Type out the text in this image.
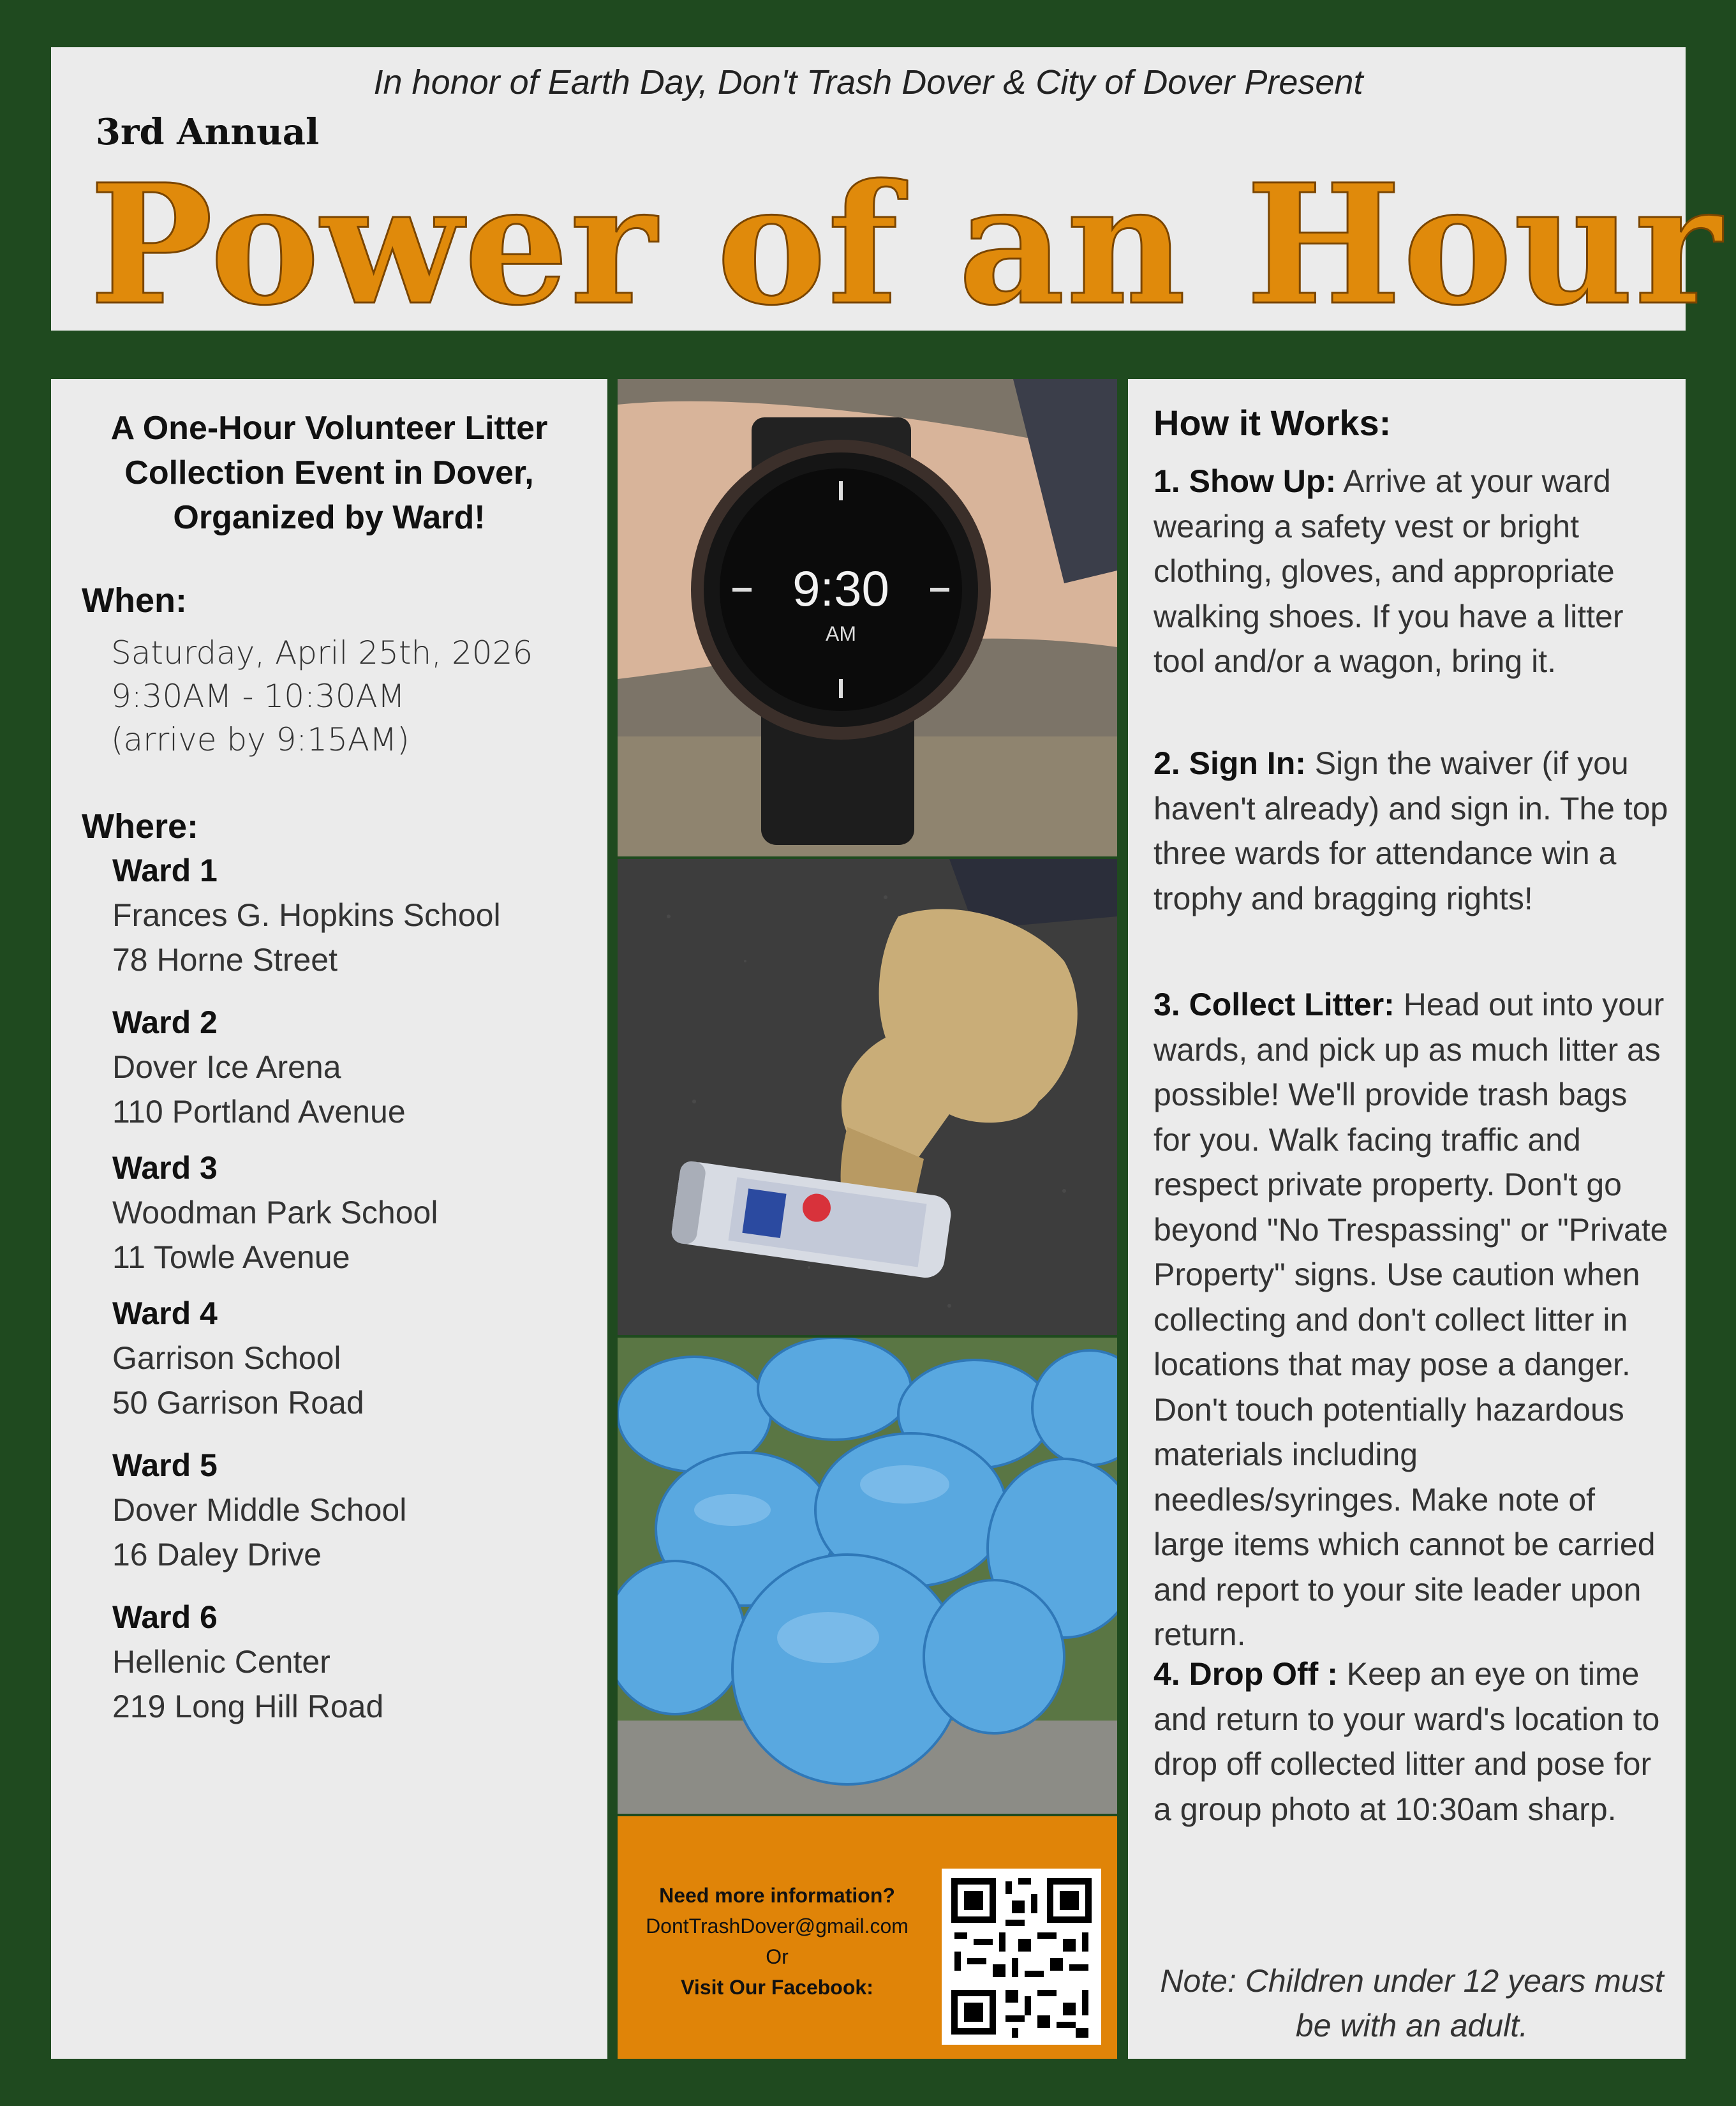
In honor of Earth Day, Don't Trash Dover & City of Dover Present
3rd Annual
Power of an Hour
A One-Hour Volunteer Litter Collection Event in Dover, Organized by Ward!
When:
Saturday, April 25th, 2026
9:30AM - 10:30AM
(arrive by 9:15AM)
Where:
Ward 1
Frances G. Hopkins School
78 Horne Street
Ward 2
Dover Ice Arena
110 Portland Avenue
Ward 3
Woodman Park School
11 Towle Avenue
Ward 4
Garrison School
50 Garrison Road
Ward 5
Dover Middle School
16 Daley Drive
Ward 6
Hellenic Center
219 Long Hill Road
9:30
AM
Need more information?
DontTrashDover@gmail.com
Or
Visit Our Facebook:
How it Works:
1. Show Up: Arrive at your ward wearing a safety vest or bright clothing, gloves, and appropriate walking shoes. If you have a litter tool and/or a wagon, bring it.
2. Sign In: Sign the waiver (if you haven't already) and sign in. The top three wards for attendance win a trophy and bragging rights!
3. Collect Litter: Head out into your wards, and pick up as much litter as possible! We'll provide trash bags for you. Walk facing traffic and respect private property. Don't go beyond "No Trespassing" or "Private Property" signs. Use caution when collecting and don't collect litter in locations that may pose a danger. Don't touch potentially hazardous materials including needles/syringes. Make note of large items which cannot be carried and report to your site leader upon return.
4. Drop Off : Keep an eye on time and return to your ward's location to drop off collected litter and pose for a group photo at 10:30am sharp.
Note: Children under 12 years must be with an adult.
